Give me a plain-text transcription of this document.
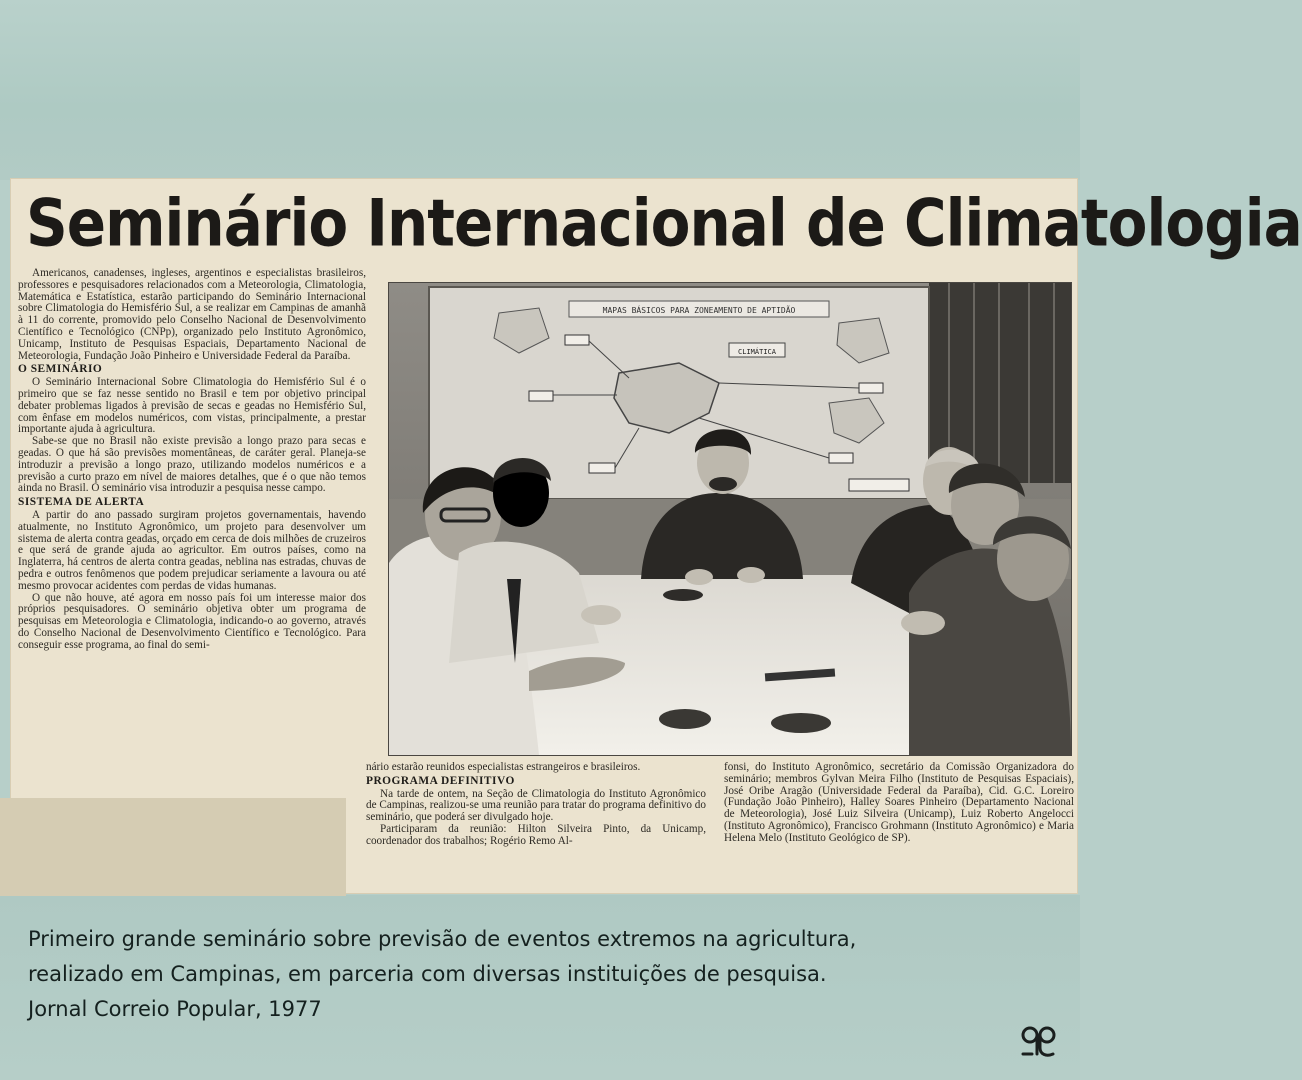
Seminário Internacional de Climatologia

Americanos, canadenses, ingleses, argentinos e especialistas brasileiros, professores e pesquisadores relacionados com a Meteorologia, Climatologia, Matemática e Estatística, estarão participando do Seminário Internacional sobre Climatologia do Hemisfério Sul, a se realizar em Campinas de amanhã à 11 do corrente, promovido pelo Conselho Nacional de Desenvolvimento Científico e Tecnológico (CNPp), organizado pelo Instituto Agronômico, Unicamp, Instituto de Pesquisas Espaciais, Departamento Nacional de Meteorologia, Fundação João Pinheiro e Universidade Federal da Paraíba.

O SEMINÁRIO

O Seminário Internacional Sobre Climatologia do Hemisfério Sul é o primeiro que se faz nesse sentido no Brasil e tem por objetivo principal debater problemas ligados à previsão de secas e geadas no Hemisfério Sul, com ênfase em modelos numéricos, com vistas, principalmente, a prestar importante ajuda à agricultura.

Sabe-se que no Brasil não existe previsão a longo prazo para secas e geadas. O que há são previsões momentâneas, de caráter geral. Planeja-se introduzir a previsão a longo prazo, utilizando modelos numéricos e a previsão a curto prazo em nível de maiores detalhes, que é o que não temos ainda no Brasil. O seminário visa introduzir a pesquisa nesse campo.

SISTEMA DE ALERTA

A partir do ano passado surgiram projetos governamentais, havendo atualmente, no Instituto Agronômico, um projeto para desenvolver um sistema de alerta contra geadas, orçado em cerca de dois milhões de cruzeiros e que será de grande ajuda ao agricultor. Em outros países, como na Inglaterra, há centros de alerta contra geadas, neblina nas estradas, chuvas de pedra e outros fenômenos que podem prejudicar seriamente a lavoura ou até mesmo provocar acidentes com perdas de vidas humanas.

O que não houve, até agora em nosso país foi um interesse maior dos próprios pesquisadores. O seminário objetiva obter um programa de pesquisas em Meteorologia e Climatologia, indicando-o ao governo, através do Conselho Nacional de Desenvolvimento Científico e Tecnológico. Para conseguir esse programa, ao final do semi-

MAPAS BÁSICOS PARA ZONEAMENTO DE APTIDÃO
CLIMÁTICA

nário estarão reunidos especialistas estrangeiros e brasileiros.

PROGRAMA DEFINITIVO

Na tarde de ontem, na Seção de Climatologia do Instituto Agronômico de Campinas, realizou-se uma reunião para tratar do programa definitivo do seminário, que poderá ser divulgado hoje.

Participaram da reunião: Hilton Silveira Pinto, da Unicamp, coordenador dos trabalhos; Rogério Remo Al-

fonsi, do Instituto Agronômico, secretário da Comissão Organizadora do seminário; membros Gylvan Meira Filho (Instituto de Pesquisas Espaciais), José Oribe Aragão (Universidade Federal da Paraíba), Cid. G.C. Loreiro (Fundação João Pinheiro), Halley Soares Pinheiro (Departamento Nacional de Meteorologia), José Luiz Silveira (Unicamp), Luiz Roberto Angelocci (Instituto Agronômico), Francisco Grohmann (Instituto Agronômico) e Maria Helena Melo (Instituto Geológico de SP).

Primeiro grande seminário sobre previsão de eventos extremos na agricultura, realizado em Campinas, em parceria com diversas instituições de pesquisa. Jornal Correio Popular, 1977
